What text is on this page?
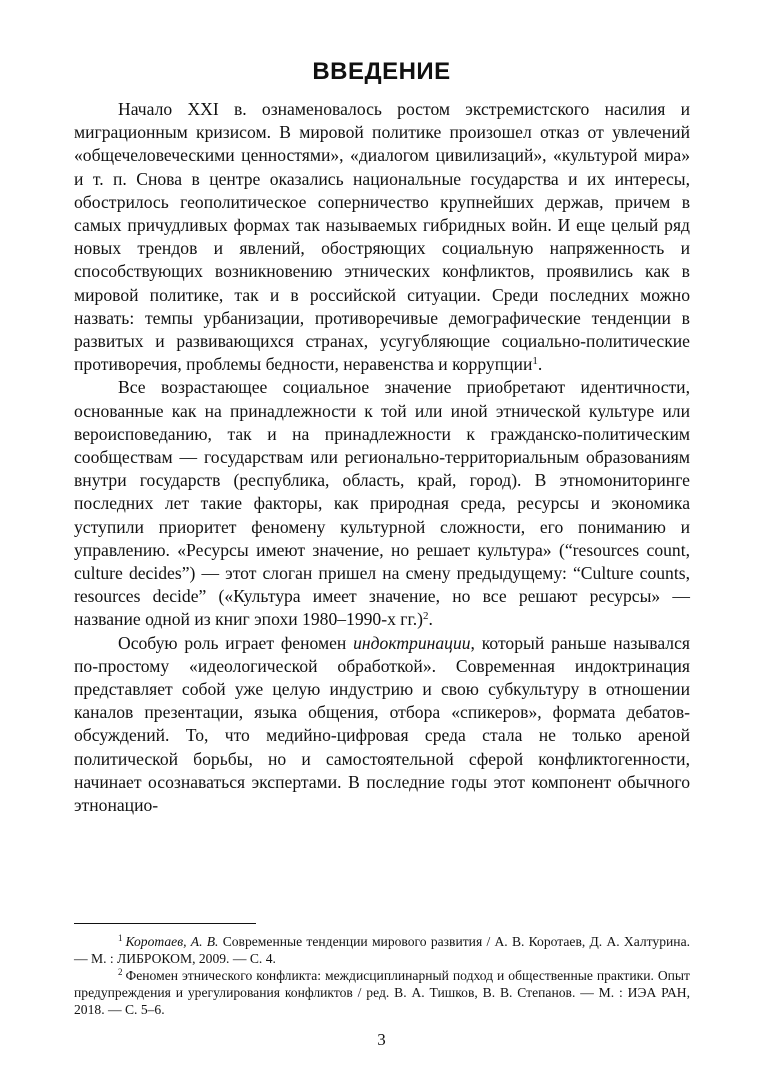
ВВЕДЕНИЕ

Начало XXI в. ознаменовалось ростом экстремистского насилия и миграционным кризисом. В мировой политике произошел отказ от увлечений «общечеловеческими ценностями», «диалогом цивилизаций», «культурой мира» и т. п. Снова в центре оказались национальные государства и их интересы, обострилось геополитическое соперничество крупнейших держав, причем в самых причудливых формах так называемых гибридных войн. И еще целый ряд новых трендов и явлений, обостряющих социальную напряженность и способствующих возникновению этнических конфликтов, проявились как в мировой политике, так и в российской ситуации. Среди последних можно назвать: темпы урбанизации, противоречивые демографические тенденции в развитых и развивающихся странах, усугубляющие социально-политические противоречия, проблемы бедности, неравенства и коррупции$^1$.

Все возрастающее социальное значение приобретают идентичности, основанные как на принадлежности к той или иной этнической культуре или вероисповеданию, так и на принадлежности к гражданско-политическим сообществам — государствам или регионально-территориальным образованиям внутри государств (республика, область, край, город). В этномониторинге последних лет такие факторы, как природная среда, ресурсы и экономика уступили приоритет феномену культурной сложности, его пониманию и управлению. «Ресурсы имеют значение, но решает культура» (“resources count, culture decides”) — этот слоган пришел на смену предыдущему: “Culture counts, resources decide” («Культура имеет значение, но все решают ресурсы» — название одной из книг эпохи 1980–1990-х гг.)$^2$.

Особую роль играет феномен индоктринации, который раньше назывался по-простому «идеологической обработкой». Современная индоктринация представляет собой уже целую индустрию и свою субкультуру в отношении каналов презентации, языка общения, отбора «спикеров», формата дебатов-обсуждений. То, что медийно-цифровая среда стала не только ареной политической борьбы, но и самостоятельной сферой конфликтогенности, начинает осознаваться экспертами. В последние годы этот компонент обычного этнонацио-

$^1$ Коротаев, А. В. Современные тенденции мирового развития / А. В. Коротаев, Д. А. Халтурина. — М. : ЛИБРОКОМ, 2009. — С. 4.

$^2$ Феномен этнического конфликта: междисциплинарный подход и общественные практики. Опыт предупреждения и урегулирования конфликтов / ред. В. А. Тишков, В. В. Степанов. — М. : ИЭА РАН, 2018. — С. 5–6.

3
